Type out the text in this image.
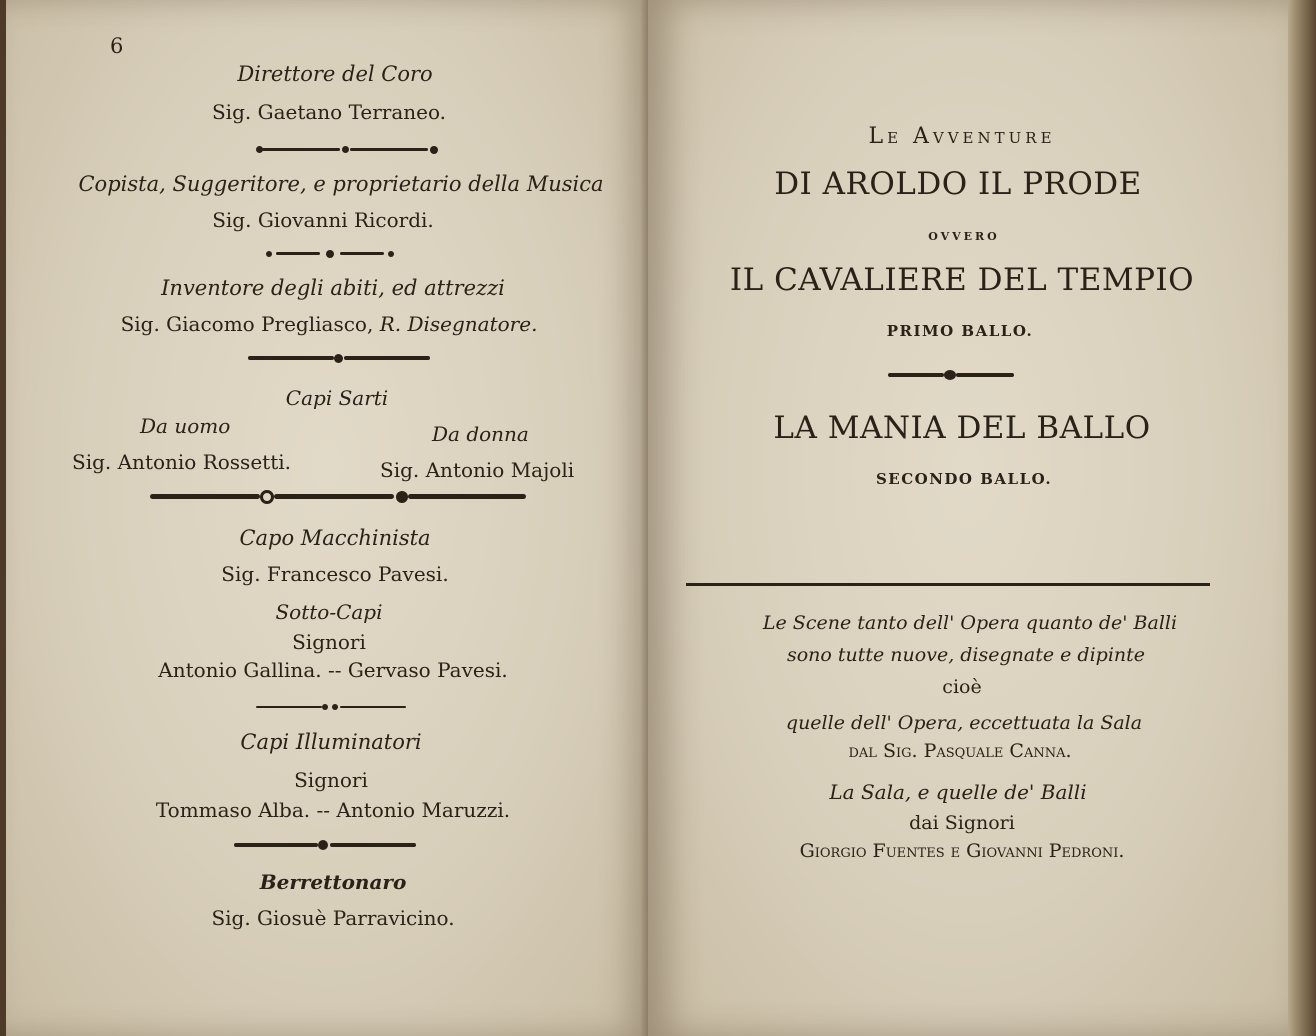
6
Direttore del Coro
Sig. Gaetano Terraneo.
Copista, Suggeritore, e proprietario della Musica
Sig. Giovanni Ricordi.
Inventore degli abiti, ed attrezzi
Sig. Giacomo Pregliasco, R. Disegnatore.
Capi Sarti
Da uomo
Sig. Antonio Rossetti.
Da donna
Sig. Antonio Majoli
Capo Macchinista
Sig. Francesco Pavesi.
Sotto-Capi
Signori
Antonio Gallina. -- Gervaso Pavesi.
Capi Illuminatori
Signori
Tommaso Alba. -- Antonio Maruzzi.
Berrettonaro
Sig. Giosuè Parravicino.
Le Avventure
DI AROLDO IL PRODE
OVVERO
IL CAVALIERE DEL TEMPIO
PRIMO BALLO.
LA MANIA DEL BALLO
SECONDO BALLO.
Le Scene tanto dell' Opera quanto de' Balli
sono tutte nuove, disegnate e dipinte
cioè
quelle dell' Opera, eccettuata la Sala
dal Sig. Pasquale Canna.
La Sala, e quelle de' Balli
dai Signori
Giorgio Fuentes e Giovanni Pedroni.
